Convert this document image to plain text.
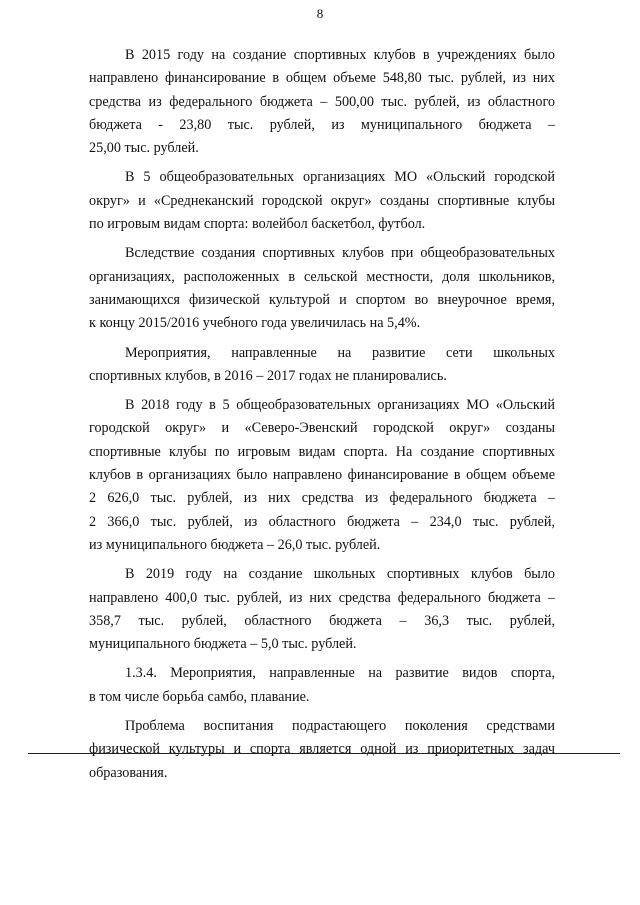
8
В 2015 году на создание спортивных клубов в учреждениях было
направлено финансирование в общем объеме 548,80 тыс. рублей, из них
средства из федерального бюджета – 500,00 тыс. рублей, из областного
бюджета - 23,80 тыс. рублей, из муниципального бюджета –
25,00 тыс. рублей.
В 5 общеобразовательных организациях МО «Ольский городской
округ» и «Среднеканский городской округ» созданы спортивные клубы
по игровым видам спорта: волейбол баскетбол, футбол.
Вследствие создания спортивных клубов при общеобразовательных
организациях, расположенных в сельской местности, доля школьников,
занимающихся физической культурой и спортом во внеурочное время,
к концу 2015/2016 учебного года увеличилась на 5,4%.
Мероприятия, направленные на развитие сети школьных
спортивных клубов, в 2016 – 2017 годах не планировались.
В 2018 году в 5 общеобразовательных организациях МО «Ольский
городской округ» и «Северо-Эвенский городской округ» созданы
спортивные клубы по игровым видам спорта. На создание спортивных
клубов в организациях было направлено финансирование в общем объеме
2 626,0 тыс. рублей, из них средства из федерального бюджета –
2 366,0 тыс. рублей, из областного бюджета – 234,0 тыс. рублей,
из муниципального бюджета – 26,0 тыс. рублей.
В 2019 году на создание школьных спортивных клубов было
направлено 400,0 тыс. рублей, из них средства федерального бюджета –
358,7 тыс. рублей, областного бюджета – 36,3 тыс. рублей,
муниципального бюджета – 5,0 тыс. рублей.
1.3.4. Мероприятия, направленные на развитие видов спорта,
в том числе борьба самбо, плавание.
Проблема воспитания подрастающего поколения средствами
физической культуры и спорта является одной из приоритетных задач
образования.
